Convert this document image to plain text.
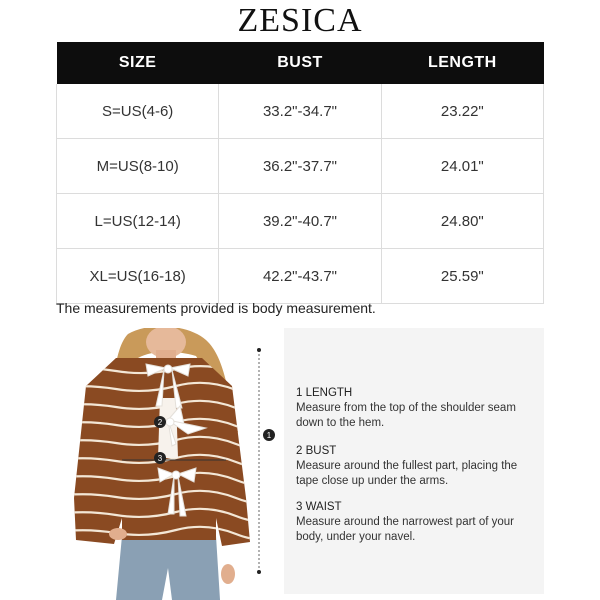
ZESICA
SIZE	BUST	LENGTH
S=US(4-6)	33.2"-34.7"	23.22"
M=US(8-10)	36.2"-37.7"	24.01"
L=US(12-14)	39.2"-40.7"	24.80"
XL=US(16-18)	42.2"-43.7"	25.59"
The measurements provided is body measurement.
2
3
1
1 LENGTH
Measure from the top of the shoulder seam down to the hem.
2 BUST
Measure around the fullest part, placing the tape close up under the arms.
3 WAIST
Measure around the narrowest part of your body, under your navel.
